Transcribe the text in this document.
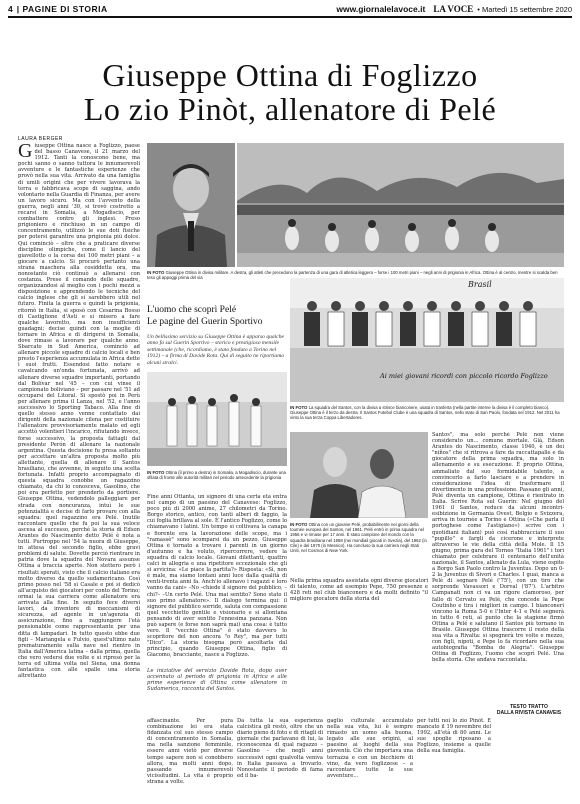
4 | PAGINE DI STORIA	www.giornalelavoce.it LA VOCE • Martedì 15 settembre 2020
Giuseppe Ottina di Foglizzo
Lo zio Pinòt, allenatore di Pelé
LAURA BERGER
G iuseppe Ottina nasce a Foglizzo, paese del basso Canavese, il 21 marzo del 1912. Tanti la conoscono bene, ma pochi sanno o sanno tuttora le innumerevoli avventure e le fantastiche esperienze che provò nella sua vita. Arrivato da una famiglia di umili origini che per vivere lavorava la terra e fabbricava scope di saggina, ando volontario nella Guardia di Finanza, per avere un lavoro sicuro. Ma con l'avvento della guerra, negli anni '30, si trovò costretto a recarsi in Somalia, a Mogadiscio, per combattere contro gli inglesi. Preso prigioniero e rinchiuso in un campo di concentramento, utilizzò le sue doti fisiche per potersi garantire una prigionia più dolce. Qui cominciò – oltre che a praticare diverse discipline olimpiche, come il lancio del giavellotto o la corsa dei 100 metri piani – a giocare a calcio. Si procurò pertanto una strana maschera alla cosiddetta ora, ma nonostante ciò continuò a allenarsi con costanza. Prese il comando delle squadre, organizzandosi al meglio con i pochi mezzi a disposizione e apprendendo le tecniche del calcio inglese che gli si sarebbero utili nel futuro. Finita la guerra e quindi la prigionia, ritornò in Italia, si sposò con Cesarina Bosso di Castiglione d'Asti e si misero a fare qualche lavoretto, ma non insufficienti guadagni; decise quindi con la moglie di tornare in Africa e di dirigersi in Somalia, dove rimase a lavorare per qualche anno. Sbarcato in Sud America, cominciò ad allenare piccole squadre di calcio locali e ben presto l'esperienza accumulata in Africa dette i suoi frutti. Essendosi fatto notare e cavalcando un'onda fortunata, arrivò ad allenare diverse squadre importanti, portando dal Bolívar nel '45 – con cui vinse il campionato boliviano – per passare nel '51 ad occuparsi del Litoral. Si spostò poi in Perù per allenare prima il Lanza, nel '52, e l'anno successivo lo Sporting Tabaco. Alla fine di quello stesso anno venne contattato dai dirigenti della nazionale cilena per costituire l'allenatore provvisoriamente malato ed egli accettò volentieri l'incarico, rifiutando invece, forse successivo, la proposta fattagli dal presidente Perón di allenare la nazionale argentina. Questa decisione fu presa soltanto per accettare un'altra proposta molto più allettante, quella di allenare il Santos brasiliano, che avvenne, in seguito una scelta fortunata. Infatti proprio accompagnato di questa squadra conobbe un ragazzino chiamato, da chi lo conosceva, Gasolino, che poi era perfetto per prenderlo da portiere. Giuseppe Ottina, vedendolo palleggiare per strada con noncuranza, intuì le sue potenzialità e decise di farlo provare con alla squadra: quel ragazzino era Pelé. Inutile raccontare quello che fu poi la sua veloce ascesa al successo, perché la storia di Edson Arantes do Nascimento detto Pelé è nota a tutti. Purtroppo nel '54 la nuora di Giuseppe, in attesa del secondo figlio, ebbe gravi problemi di salute. Dovette perciò rientrare in patria dove la squadra del Novara assunse Ottina a braccia aperte. Non stettero però i risultati sperati, visto che il calcio italiano era molto diverso da quello sudamericano. Così primo posso nel '58 si Casale e poi si dedicò all'acquisto dei giocatori per conto del Torino; ormai la sua carriera come allenatore era arrivata alla fine. In seguito fece diversi lavori, da inventore di meccanismi di sicurezza, ad agente in un'agenzia di assicurazione, fino a raggiungere l'età pensionabile come rappresentante per una ditta di lampadari. In tutto questo ebbe due figli – Mariangela e Fulvio, quest'ultimo nato prematuramente sulla nave nel rientro in Italia dall'America latina – dalla prima, quella che vero vedersi due volte e si ripresò per la terra ed ultima volta nel Siena, una donna fantastica con alle spalle una storia altrettanto
IN FOTO Giuseppe Ottina in divisa militare. A destra, gli atleti che precedono la partenza di una gara di atletica leggera – forse i 100 metri piani – negli anni di prigionia in Africa. Ottina è al centro, mentre si scalda ben teso gli appoggi prima del via
L'uomo che scoprì Pelé
Le pagine del Guerin Sportivo
Un bellissimo servizio su Giuseppe Ottina è apparso qualche anno fa sul Guerin Sportivo – storico e prestigioso mensile settimanale (che, ricordiamo, è stato fondato a Torino nel 1912) – a firma di Davide Rota. Qui di seguito ne riportiamo alcuni stralci.
IN FOTO Ottina (il primo a destra) in Somalia, a Mogadiscio, durante una sfilata di fronte alle autorità militari nel periodo antecedente la prigionia
Brasil
Ai miei giovani ricordi con piccolo ricordo Foglizzo
IN FOTO La squadra del Santos, con la divisa a strisce bianconere, usata in trasferta (nella partite interne la divisa è il completo bianco). Giuseppe Ottina è il terzo da destra. Il Santos Futebol Clube è una squadra di Santos, nello stato di San Paolo, fondata nel 1912. Nel 2011 ha vinto la sua terza Coppa Libertadores.
Fine anni Ottanta, un signore di una certa età entra nel campo di un paesino del Canavese: Foglizzo, poco più di 2000 anime, 27 chilometri da Torino. Borgo storico, antico, con tanti alberi di faggio, la cui foglia brillava al sole. È l'antico Foglizzo, come lo chiamavano i latini. Un tempo si coltivava la canapa e fiorente era la lavorazione delle scope, ma i "ramassè" sono scomparsi da un pezzo. Giuseppe Ottina è tornato a trovare i parenti in un giorno d'autunno e ha voluto, ripercorrere, vedere la squadra di calcio locale. Giovani dilettanti, quattro calci in allegria e una ripetitore eccezionale che gli si avvicina: «Le piace la partita?» Risposta: «Sì, non è male, ma siamo lontani anni luce dalla qualità di venti-trenta anni fa. Anch'io allenavo i ragazzi e loro vanno da cani» –No –chiede il signore del pubblico, –chi?– –Un certo Pelé. Una mai sentito? Sono stato il suo primo allenatore». Il dialogo termina qui: il signore del pubblico sorride, saluta con compassione quel vecchietto gentile e visionario e si allontana pensando di aver sentito l'ennesima panzana. Non può sapere (e forse non saprà mai) una cosa: è tutto vero. Il "vecchio Ottina" è stato davvero lo scopritore del non ancora "o Rey", ma per tutti "Dico". La storia bisogna però ascoltarla dal principio, quando Giuseppe Ottina, figlio di Giacomo, bracciante, nasce a Foglizzo.
Le iniziative del servizio Davide Rota, dopo aver accennato al periodo di prigionia in Africa e alle prime esperienze di Ottina come allenatore in Sudamerica, racconta del Santos.
IN FOTO Ottina con un giovane Pelé, probabilmente nei giorni della tournée europea del Santos, nel 1961. Pelé entrò in prima squadra nel 1956 e vi rimase per 17 anni. È stato campione del mondo con la squadra brasiliana nel 1958 (nei mondiali giocati in Svezia), del 1962 (in Cile) e del 1970 (in Messico). Ha concluso la sua carriera negli Stati Uniti, nel Cosmos di New York.
Nella prima squadra assistata ogni diverse giocatori di talento, come ad esempio Pepe, 750 presenze e 428 reti nel club bianconero e da molti definito "il migliore giocatore della storia del
Santos", ma solo perché Pelé non viene considerato un... comune mortale. Già, Edson Arantes do Nascimento, classe 1940, è un dei "niños" che si ritrova a fare da raccattapalle e da giocatore della prima squadra, ma solo in allenamento e su esecuzione. È proprio Ottina, ammaliato dal suo formidabile talento, a convincerlo a farlo lasciare e a prendere in considerazione l'idea di trasformare il divertimento in una professione. Passano gli anni, Pelé diventa un campione, Ottina è rientrato in Italia. Scrive Rota sul Guerin: Nel giugno del 1961 il Santos, reduce da alcuni incontri-esibizione in Germania Ovest, Belgio e Svizzera, arriva in tournée a Torino e Ottina («Che parla il portoghese come l'astigiano») scrive con i quotidiani italiani) può così riabbracciare il suo "pupillo" e fargli da cicerone e interprete attraverso le vie della città della Mole. Il 15 giugno, prima gara del Torneo "Italia 1961" i tori chiamato per celebrare il centenario dell'unità nazionale, il Santos, allenato da Lula, viene ospite a Borgo San Paolo contro la Juventus. Dopo un 0-2 la Juventus di Sivori e Charles. I guai, manca a Pelé di segnare Pelé ('75'), con un tiro che sorprende Vavassori e Dorval ('87'). L'arbitro Campanati non ci va un rigore clamoroso, per fallo di Cervato su Pelé, che concede la Pepe Coutinho e tira i migliori in campo. I bianconeri vincono la Roma 5-0 e l'Inter 4-1 e Pelé segnerà in tutto 6 reti, al punto che la stagione firmò Ottina a Pelé e salutano il Santos più tornano in Brasile. Giuseppe Ottina trascorre il resto della sua vita a Rivalta: si spegnerà tre volte e mezzo, con figli, nipoti, e Pepe lo fa ricordare nella sua autobiografia "Bomba de Alegria". Giuseppe Ottina di Foglizzo, l'uomo che scoprì Pelé. Una bella storia. Che andava raccontata.
TESTO TRATTO
DALLA RIVISTA CANAVEIS
affascinante. Per pura combinazione lei era stata fidanzata col suo stesso campo di concentramento in Somalia, ma nella sanzione femminile, essere anni vietò per diverse tempo sapere non si conobbero allora, ma molti anni dopo, passando innumerevoli vicissitudini. La vita è proprio strana a volte.
Da tutta la sua esperienza calcistica gli restò, oltre che un diario pieno di foto e di ritagli di giornale che parlavano di lui, la riconoscenza di qual ragazzo – Gasolino – che negli anni successivi ogni qualvolta veniva in Italia passava a trovarlo. Nonostante il periodo di fama ed il ba-
gaglio culturale accumulato nella sua vita, lui è sempre rimasto un uomo alla buona, legato alle sue origini, al paesino ai luoghi della sua gioventù. Ciò che importava una terrazza e con un bicchiere di vino, da vero foglizzese – a raccontare tutte le sue avventure...
per tutti noi lo zio Pinòt. È mancato il 19 novembre del 1992, all'età di 80 anni. Le sue spoglie riposano a Foglizzo, insieme a quelle della sua famiglia.
